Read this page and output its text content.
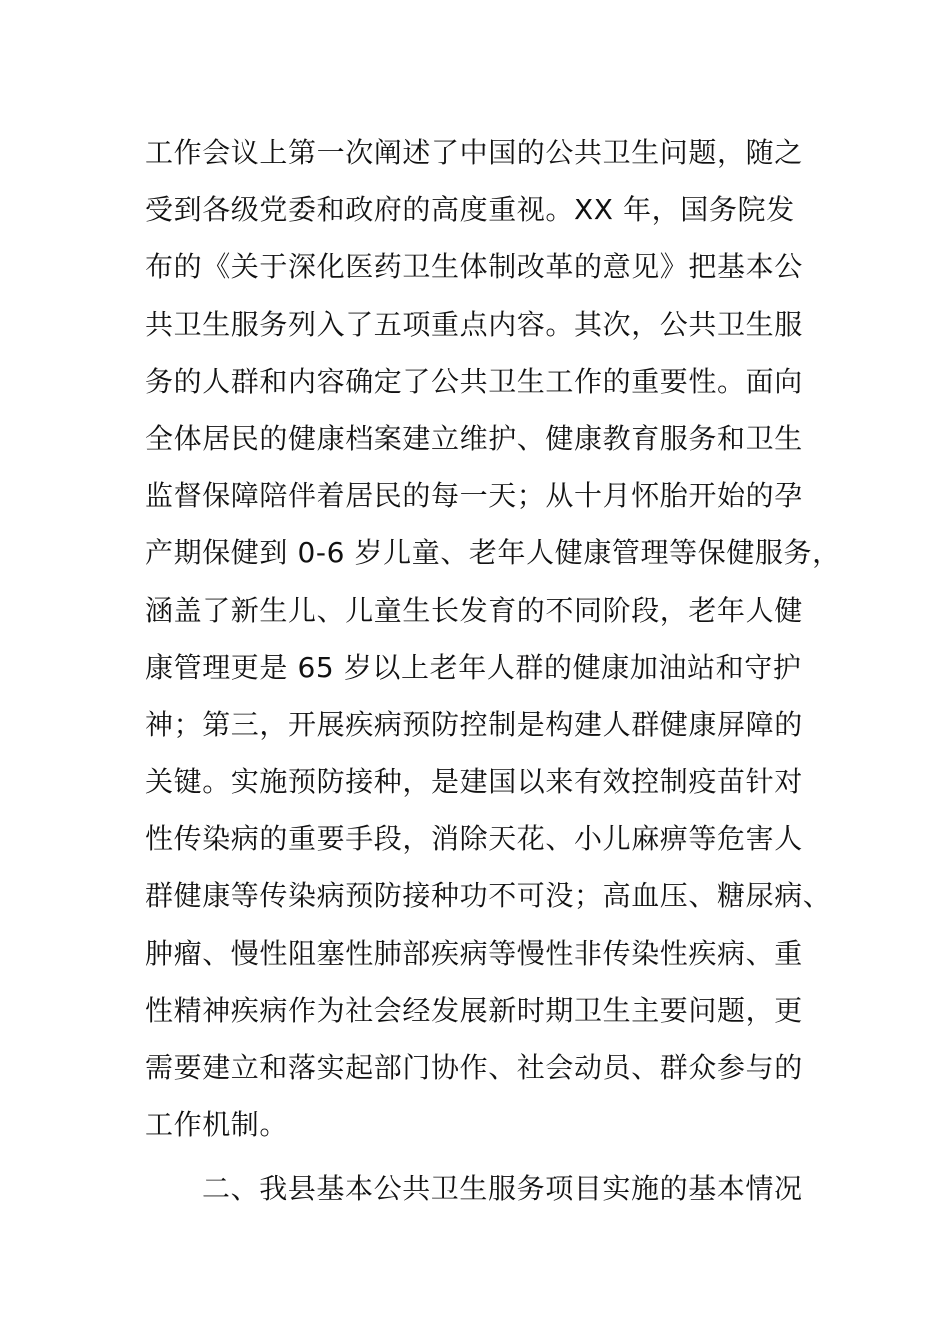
工作会议上第一次阐述了中国的公共卫生问题，随之
受到各级党委和政府的高度重视。XX 年，国务院发
布的《关于深化医药卫生体制改革的意见》把基本公
共卫生服务列入了五项重点内容。其次，公共卫生服
务的人群和内容确定了公共卫生工作的重要性。面向
全体居民的健康档案建立维护、健康教育服务和卫生
监督保障陪伴着居民的每一天；从十月怀胎开始的孕
产期保健到 0-6 岁儿童、老年人健康管理等保健服务，
涵盖了新生儿、儿童生长发育的不同阶段，老年人健
康管理更是 65 岁以上老年人群的健康加油站和守护
神；第三，开展疾病预防控制是构建人群健康屏障的
关键。实施预防接种，是建国以来有效控制疫苗针对
性传染病的重要手段，消除天花、小儿麻痹等危害人
群健康等传染病预防接种功不可没；高血压、糖尿病、
肿瘤、慢性阻塞性肺部疾病等慢性非传染性疾病、重
性精神疾病作为社会经发展新时期卫生主要问题，更
需要建立和落实起部门协作、社会动员、群众参与的
工作机制。
二、我县基本公共卫生服务项目实施的基本情况
